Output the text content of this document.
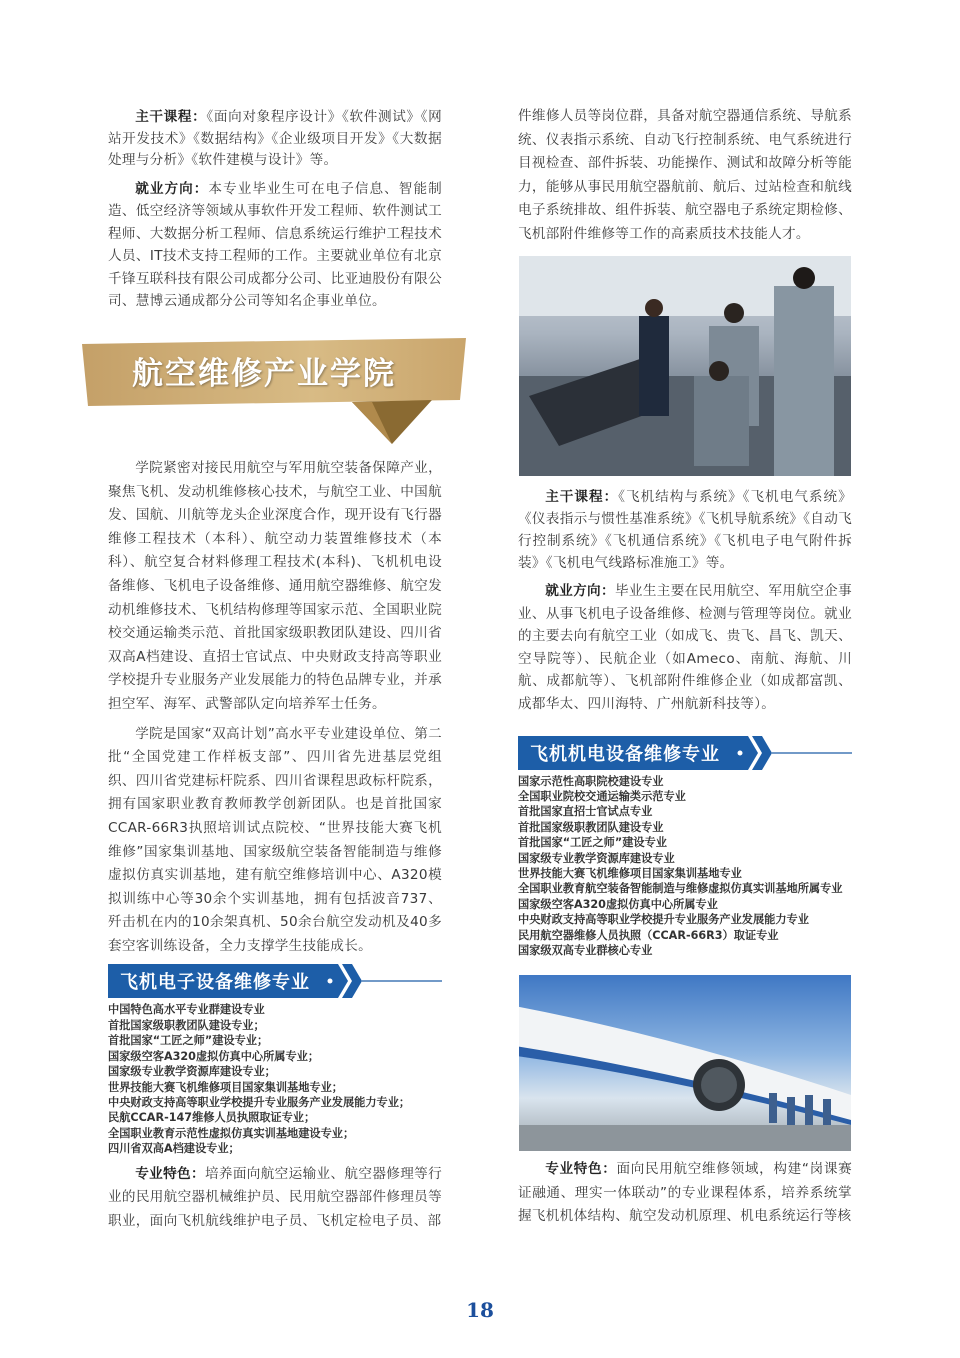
主干课程：《面向对象程序设计》《软件测试》《网站开发技术》《数据结构》《企业级项目开发》《大数据处理与分析》《软件建模与设计》等。

就业方向：本专业毕业生可在电子信息、智能制造、低空经济等领域从事软件开发工程师、软件测试工程师、大数据分析工程师、信息系统运行维护工程技术人员、IT技术支持工程师的工作。主要就业单位有北京千锋互联科技有限公司成都分公司、比亚迪股份有限公司、慧博云通成都分公司等知名企事业单位。

航空维修产业学院

学院紧密对接民用航空与军用航空装备保障产业，聚焦飞机、发动机维修核心技术，与航空工业、中国航发、国航、川航等龙头企业深度合作，现开设有飞行器维修工程技术（本科）、航空动力装置维修技术（本科）、航空复合材料修理工程技术(本科)、飞机机电设备维修、飞机电子设备维修、通用航空器维修、航空发动机维修技术、飞机结构修理等国家示范、全国职业院校交通运输类示范、首批国家级职教团队建设、四川省双高A档建设、直招士官试点、中央财政支持高等职业学校提升专业服务产业发展能力的特色品牌专业，并承担空军、海军、武警部队定向培养军士任务。

学院是国家“双高计划”高水平专业建设单位、第二批“全国党建工作样板支部”、四川省先进基层党组织、四川省党建标杆院系、四川省课程思政标杆院系，拥有国家职业教育教师教学创新团队。也是首批国家CCAR-66R3执照培训试点院校、“世界技能大赛飞机维修”国家集训基地、国家级航空装备智能制造与维修虚拟仿真实训基地，建有航空维修培训中心、A320模拟训练中心等30余个实训基地，拥有包括波音737、歼击机在内的10余架真机、50余台航空发动机及40多套空客训练设备，全力支撑学生技能成长。

飞机电子设备维修专业
中国特色高水平专业群建设专业
首批国家级职教团队建设专业；
首批国家“工匠之师”建设专业；
国家级空客A320虚拟仿真中心所属专业；
国家级专业教学资源库建设专业；
世界技能大赛飞机维修项目国家集训基地专业；
中央财政支持高等职业学校提升专业服务产业发展能力专业；
民航CCAR-147维修人员执照取证专业；
全国职业教育示范性虚拟仿真实训基地建设专业；
四川省双高A档建设专业；

专业特色：培养面向航空运输业、航空器修理等行业的民用航空器机械维护员、民用航空器部件修理员等职业，面向飞机航线维护电子员、飞机定检电子员、部

件维修人员等岗位群，具备对航空器通信系统、导航系统、仪表指示系统、自动飞行控制系统、电气系统进行目视检查、部件拆装、功能操作、测试和故障分析等能力，能够从事民用航空器航前、航后、过站检查和航线电子系统排故、组件拆装、航空器电子系统定期检修、飞机部附件维修等工作的高素质技术技能人才。

主干课程：《飞机结构与系统》《飞机电气系统》《仪表指示与惯性基准系统》《飞机导航系统》《自动飞行控制系统》《飞机通信系统》《飞机电子电气附件拆装》《飞机电气线路标准施工》等。

就业方向：毕业生主要在民用航空、军用航空企事业、从事飞机电子设备维修、检测与管理等岗位。就业的主要去向有航空工业（如成飞、贵飞、昌飞、凯天、空导院等）、民航企业（如Ameco、南航、海航、川航、成都航等）、飞机部附件维修企业（如成都富凯、成都华太、四川海特、广州航新科技等）。

飞机机电设备维修专业
国家示范性高职院校建设专业
全国职业院校交通运输类示范专业
首批国家直招士官试点专业
首批国家级职教团队建设专业
首批国家“工匠之师”建设专业
国家级专业教学资源库建设专业
世界技能大赛飞机维修项目国家集训基地专业
全国职业教育航空装备智能制造与维修虚拟仿真实训基地所属专业
国家级空客A320虚拟仿真中心所属专业
中央财政支持高等职业学校提升专业服务产业发展能力专业
民用航空器维修人员执照（CCAR-66R3）取证专业
国家级双高专业群核心专业

专业特色：面向民用航空维修领域，构建“岗课赛证融通、理实一体联动”的专业课程体系，培养系统掌握飞机机体结构、航空发动机原理、机电系统运行等核

18
